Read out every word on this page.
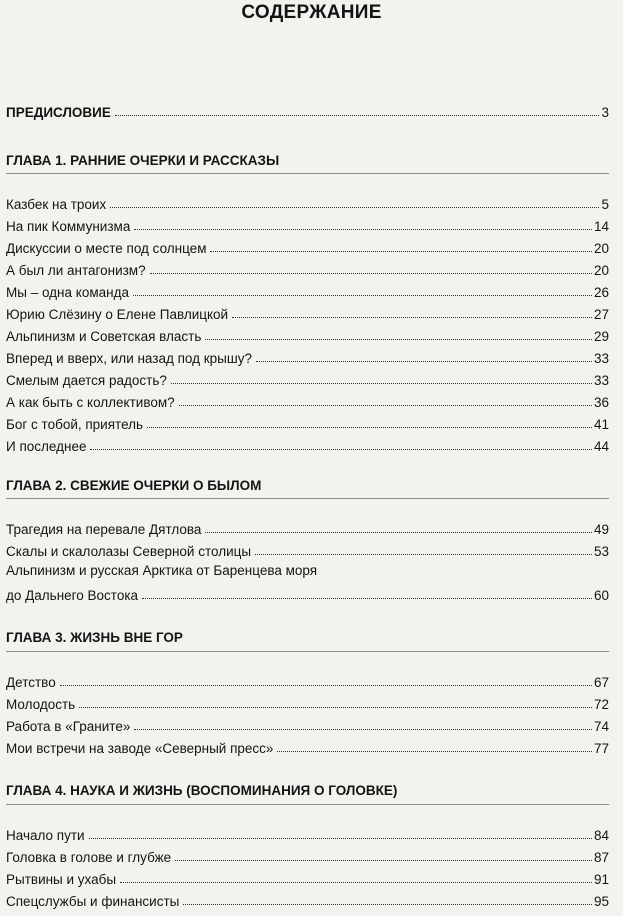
СОДЕРЖАНИЕ
ПРЕДИСЛОВИЕ	3
ГЛАВА 1. РАННИЕ ОЧЕРКИ И РАССКАЗЫ
Казбек на троих	5
На пик Коммунизма	14
Дискуссии о месте под солнцем	20
А был ли антагонизм?	20
Мы – одна команда	26
Юрию Слёзину о Елене Павлицкой	27
Альпинизм и Советская власть	29
Вперед и вверх, или назад под крышу?	33
Смелым дается радость?	33
А как быть с коллективом?	36
Бог с тобой, приятель	41
И последнее	44
ГЛАВА 2. СВЕЖИЕ ОЧЕРКИ О БЫЛОМ
Трагедия на перевале Дятлова	49
Скалы и скалолазы Северной столицы	53
Альпинизм и русская Арктика от Баренцева моря
до Дальнего Востока	60
ГЛАВА 3. ЖИЗНЬ ВНЕ ГОР
Детство	67
Молодость	72
Работа в «Граните»	74
Мои встречи на заводе «Северный пресс»	77
ГЛАВА 4. НАУКА И ЖИЗНЬ (ВОСПОМИНАНИЯ О ГОЛОВКЕ)
Начало пути	84
Головка в голове и глубже	87
Рытвины и ухабы	91
Спецслужбы и финансисты	95
